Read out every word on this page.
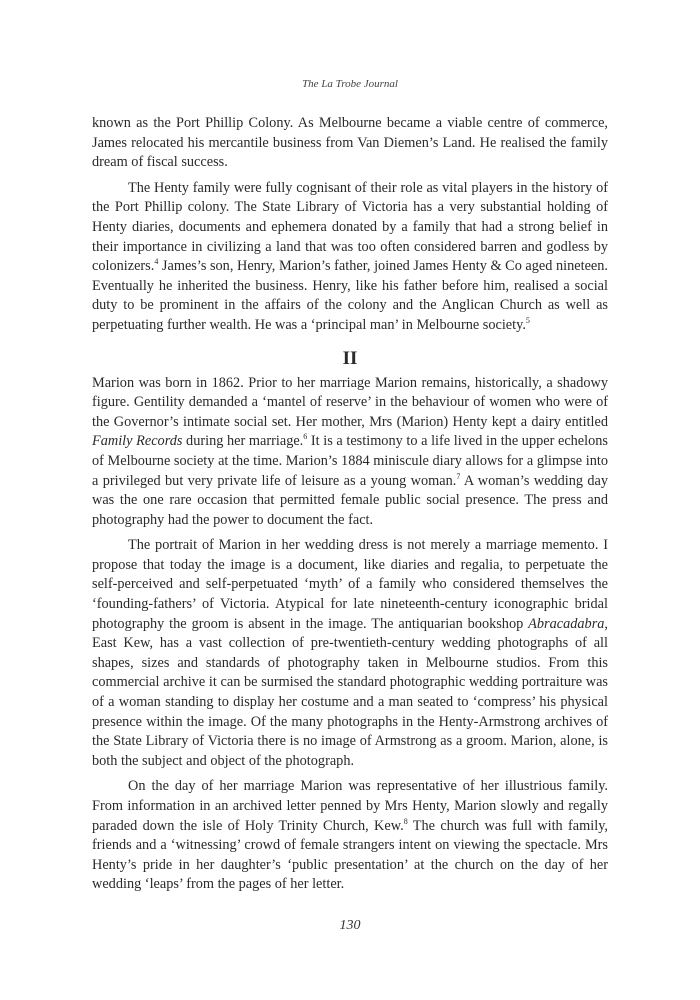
The La Trobe Journal

known as the Port Phillip Colony. As Melbourne became a viable centre of commerce, James relocated his mercantile business from Van Diemen’s Land. He realised the family dream of fiscal success.

The Henty family were fully cognisant of their role as vital players in the history of the Port Phillip colony. The State Library of Victoria has a very substantial holding of Henty diaries, documents and ephemera donated by a family that had a strong belief in their importance in civilizing a land that was too often considered barren and godless by colonizers.$^4$ James’s son, Henry, Marion’s father, joined James Henty & Co aged nineteen. Eventually he inherited the business. Henry, like his father before him, realised a social duty to be prominent in the affairs of the colony and the Anglican Church as well as perpetuating further wealth. He was a ‘principal man’ in Melbourne society.$^5$

II

Marion was born in 1862. Prior to her marriage Marion remains, historically, a shadowy figure. Gentility demanded a ‘mantel of reserve’ in the behaviour of women who were of the Governor’s intimate social set. Her mother, Mrs (Marion) Henty kept a dairy entitled Family Records during her marriage.$^6$ It is a testimony to a life lived in the upper echelons of Melbourne society at the time. Marion’s 1884 miniscule diary allows for a glimpse into a privileged but very private life of leisure as a young woman.$^7$ A woman’s wedding day was the one rare occasion that permitted female public social presence. The press and photography had the power to document the fact.

The portrait of Marion in her wedding dress is not merely a marriage memento. I propose that today the image is a document, like diaries and regalia, to perpetuate the self-perceived and self-perpetuated ‘myth’ of a family who considered themselves the ‘founding-fathers’ of Victoria. Atypical for late nineteenth-century iconographic bridal photography the groom is absent in the image. The antiquarian bookshop Abracadabra, East Kew, has a vast collection of pre-twentieth-century wedding photographs of all shapes, sizes and standards of photography taken in Melbourne studios. From this commercial archive it can be surmised the standard photographic wedding portraiture was of a woman standing to display her costume and a man seated to ‘compress’ his physical presence within the image. Of the many photographs in the Henty-Armstrong archives of the State Library of Victoria there is no image of Armstrong as a groom. Marion, alone, is both the subject and object of the photograph.

On the day of her marriage Marion was representative of her illustrious family. From information in an archived letter penned by Mrs Henty, Marion slowly and regally paraded down the isle of Holy Trinity Church, Kew.$^8$ The church was full with family, friends and a ‘witnessing’ crowd of female strangers intent on viewing the spectacle. Mrs Henty’s pride in her daughter’s ‘public presentation’ at the church on the day of her wedding ‘leaps’ from the pages of her letter.

130
